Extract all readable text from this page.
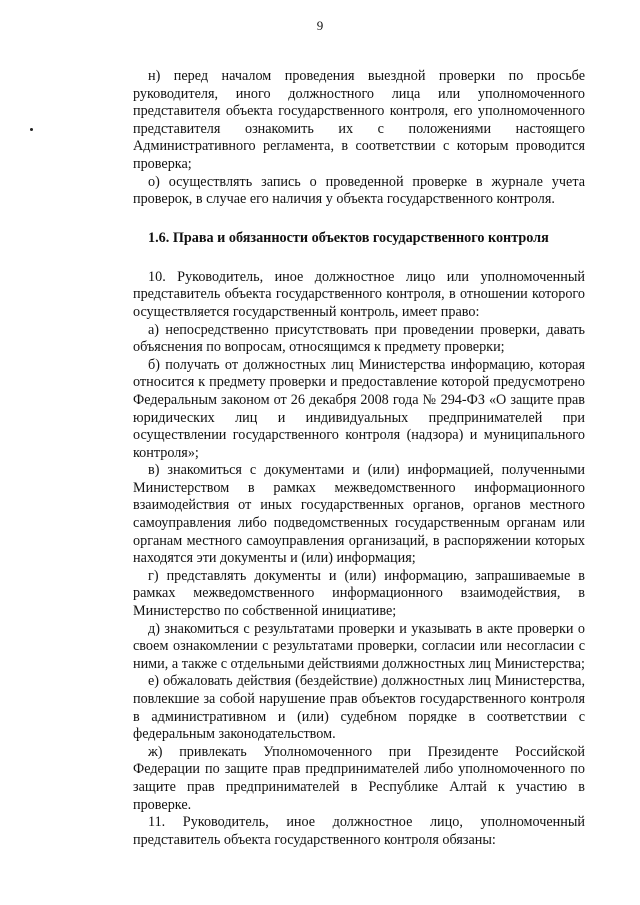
9

н) перед началом проведения выездной проверки по просьбе руководителя, иного должностного лица или уполномоченного представителя объекта государственного контроля, его уполномоченного представителя ознакомить их с положениями настоящего Административного регламента, в соответствии с которым проводится проверка;

о) осуществлять запись о проведенной проверке в журнале учета проверок, в случае его наличия у объекта государственного контроля.

1.6. Права и обязанности объектов государственного контроля

10. Руководитель, иное должностное лицо или уполномоченный представитель объекта государственного контроля, в отношении которого осуществляется государственный контроль, имеет право:

а) непосредственно присутствовать при проведении проверки, давать объяснения по вопросам, относящимся к предмету проверки;

б) получать от должностных лиц Министерства информацию, которая относится к предмету проверки и предоставление которой предусмотрено Федеральным законом от 26 декабря 2008 года № 294-ФЗ «О защите прав юридических лиц и индивидуальных предпринимателей при осуществлении государственного контроля (надзора) и муниципального контроля»;

в) знакомиться с документами и (или) информацией, полученными Министерством в рамках межведомственного информационного взаимодействия от иных государственных органов, органов местного самоуправления либо подведомственных государственным органам или органам местного самоуправления организаций, в распоряжении которых находятся эти документы и (или) информация;

г) представлять документы и (или) информацию, запрашиваемые в рамках межведомственного информационного взаимодействия, в Министерство по собственной инициативе;

д) знакомиться с результатами проверки и указывать в акте проверки о своем ознакомлении с результатами проверки, согласии или несогласии с ними, а также с отдельными действиями должностных лиц Министерства;

е) обжаловать действия (бездействие) должностных лиц Министерства, повлекшие за собой нарушение прав объектов государственного контроля в административном и (или) судебном порядке в соответствии с федеральным законодательством.

ж) привлекать Уполномоченного при Президенте Российской Федерации по защите прав предпринимателей либо уполномоченного по защите прав предпринимателей в Республике Алтай к участию в проверке.

11. Руководитель, иное должностное лицо, уполномоченный представитель объекта государственного контроля обязаны:
